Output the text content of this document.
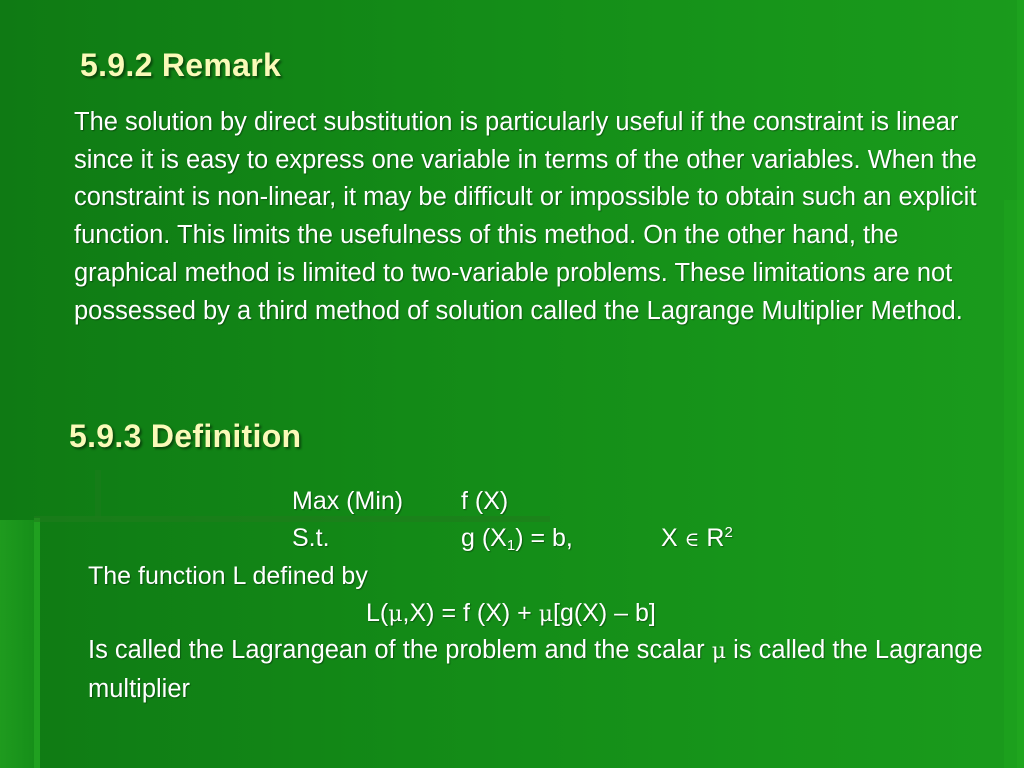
5.9.2 Remark

The solution by direct substitution is particularly useful if the constraint is linear since it is easy to express one variable in terms of the other variables. When the constraint is non-linear, it may be difficult or impossible to obtain such an explicit function. This limits the usefulness of this method. On the other hand, the graphical method is limited to two-variable problems. These limitations are not possessed by a third method of solution called the Lagrange Multiplier Method.

5.9.3 Definition
Max (Min) f (X)
S.t.	g $(X_1) = b$,	X ∈ $R^2$
The function L defined by
L(μ,X) = f (X) + μ[g(X) – b]

Is called the Lagrangean of the problem and the scalar μ is called the Lagrange multiplier
